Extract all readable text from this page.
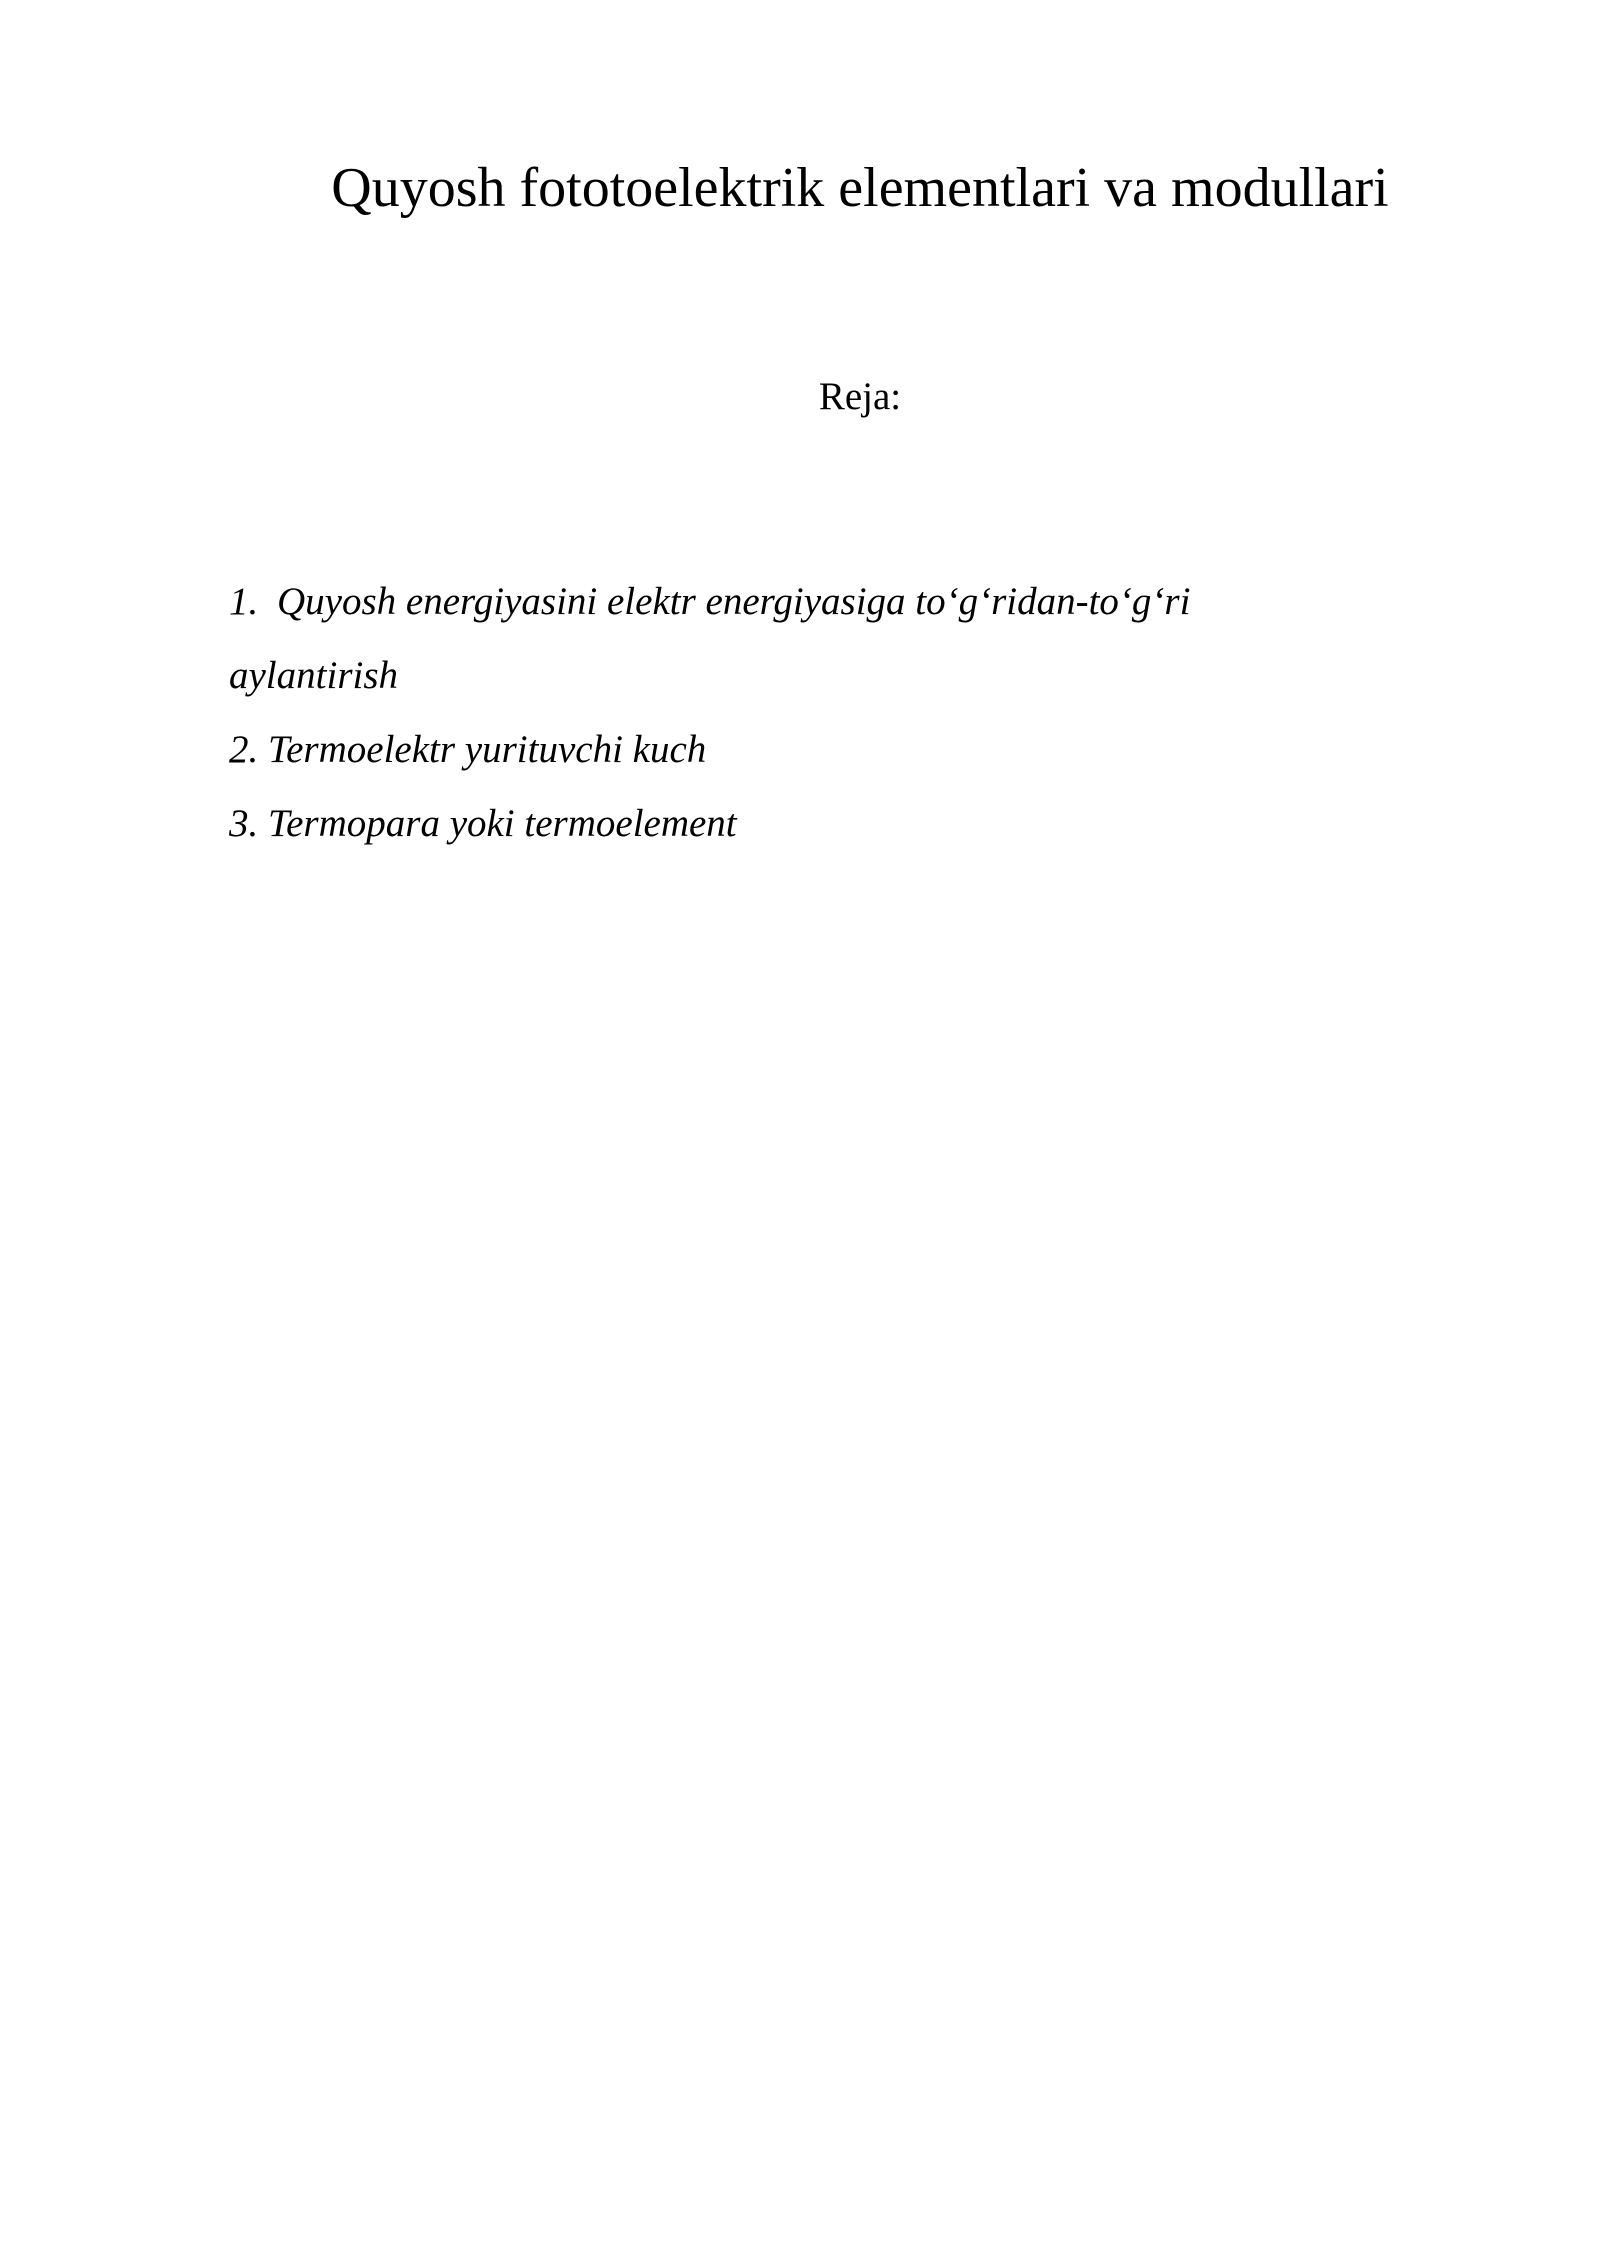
Quyosh fototoelektrik elementlari va modullari

Reja:

1. Quyosh energiyasini elektr energiyasiga to‘g‘ridan-to‘g‘ri
aylantirish
2. Termoelektr yurituvchi kuch
3. Termopara yoki termoelement
